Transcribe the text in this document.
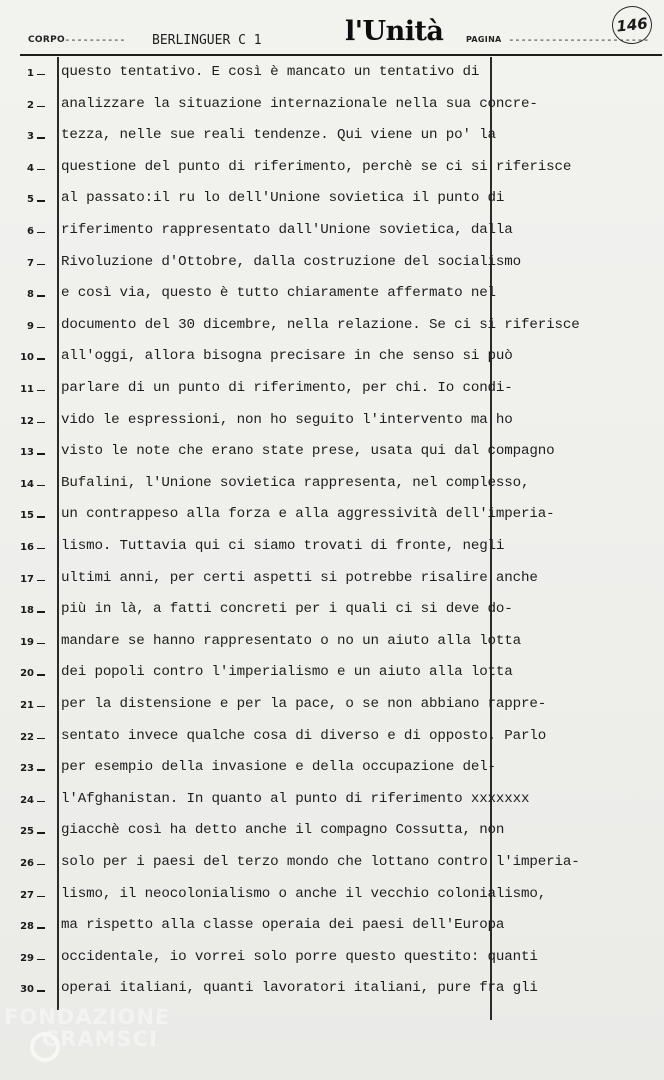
CORPO ---------- BERLINGUER C 1	l'Unità	PAGINA -----------------------
146
1 questo tentativo. E così è mancato un tentativo di
2 analizzare la situazione internazionale nella sua concre-
3 tezza, nelle sue reali tendenze. Qui viene un po' la
4 questione del punto di riferimento, perchè se ci si riferisce
5 al passato:il ru lo dell'Unione sovietica il punto di
6 riferimento rappresentato dall'Unione sovietica, dalla
7 Rivoluzione d'Ottobre, dalla costruzione del socialismo
8 e così via, questo è tutto chiaramente affermato nel
9 documento del 30 dicembre, nella relazione. Se ci si riferisce
10 all'oggi, allora bisogna precisare in che senso si può
11 parlare di un punto di riferimento, per chi. Io condi-
12 vido le espressioni, non ho seguito l'intervento ma ho
13 visto le note che erano state prese, usata qui dal compagno
14 Bufalini, l'Unione sovietica rappresenta, nel complesso,
15 un contrappeso alla forza e alla aggressività dell'imperia-
16 lismo. Tuttavia qui ci siamo trovati di fronte, negli
17 ultimi anni, per certi aspetti si potrebbe risalire anche
18 più in là, a fatti concreti per i quali ci si deve do-
19 mandare se hanno rappresentato o no un aiuto alla lotta
20 dei popoli contro l'imperialismo e un aiuto alla lotta
21 per la distensione e per la pace, o se non abbiano rappre-
22 sentato invece qualche cosa di diverso e di opposto. Parlo
23 per esempio della invasione e della occupazione del-
24 l'Afghanistan. In quanto al punto di riferimento xxxxxxx
25 giacchè così ha detto anche il compagno Cossutta, non
26 solo per i paesi del terzo mondo che lottano contro l'imperia-
27 lismo, il neocolonialismo o anche il vecchio colonialismo,
28 ma rispetto alla classe operaia dei paesi dell'Europa
29 occidentale, io vorrei solo porre questo questito: quanti
30 operai italiani, quanti lavoratori italiani, pure fra gli
FONDAZIONE
GRAMSCI
